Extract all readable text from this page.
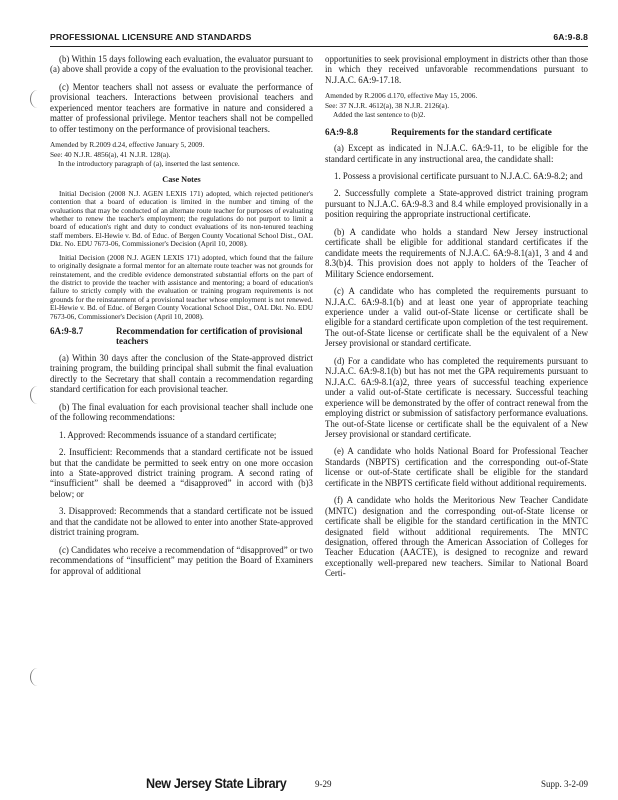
PROFESSIONAL LICENSURE AND STANDARDS	6A:9-8.8

(b) Within 15 days following each evaluation, the evaluator pursuant to (a) above shall provide a copy of the evaluation to the provisional teacher.

(c) Mentor teachers shall not assess or evaluate the performance of provisional teachers. Interactions between provisional teachers and experienced mentor teachers are formative in nature and considered a matter of professional privilege. Mentor teachers shall not be compelled to offer testimony on the performance of provisional teachers.

Amended by R.2009 d.24, effective January 5, 2009.

See: 40 N.J.R. 4856(a), 41 N.J.R. 128(a).

In the introductory paragraph of (a), inserted the last sentence.

Case Notes

Initial Decision (2008 N.J. AGEN LEXIS 171) adopted, which rejected petitioner's contention that a board of education is limited in the number and timing of the evaluations that may be conducted of an alternate route teacher for purposes of evaluating whether to renew the teacher's employment; the regulations do not purport to limit a board of education's right and duty to conduct evaluations of its non-tenured teaching staff members. El-Hewie v. Bd. of Educ. of Bergen County Vocational School Dist., OAL Dkt. No. EDU 7673-06, Commissioner's Decision (April 10, 2008).

Initial Decision (2008 N.J. AGEN LEXIS 171) adopted, which found that the failure to originally designate a formal mentor for an alternate route teacher was not grounds for reinstatement, and the credible evidence demonstrated substantial efforts on the part of the district to provide the teacher with assistance and mentoring; a board of education's failure to strictly comply with the evaluation or training program requirements is not grounds for the reinstatement of a provisional teacher whose employment is not renewed. El-Hewie v. Bd. of Educ. of Bergen County Vocational School Dist., OAL Dkt. No. EDU 7673-06, Commissioner's Decision (April 10, 2008).

6A:9-8.7	Recommendation for certification of provisional teachers

(a) Within 30 days after the conclusion of the State-approved district training program, the building principal shall submit the final evaluation directly to the Secretary that shall contain a recommendation regarding standard certification for each provisional teacher.

(b) The final evaluation for each provisional teacher shall include one of the following recommendations:

1. Approved: Recommends issuance of a standard certificate;

2. Insufficient: Recommends that a standard certificate not be issued but that the candidate be permitted to seek entry on one more occasion into a State-approved district training program. A second rating of “insufficient” shall be deemed a “disapproved” in accord with (b)3 below; or

3. Disapproved: Recommends that a standard certificate not be issued and that the candidate not be allowed to enter into another State-approved district training program.

(c) Candidates who receive a recommendation of “disapproved” or two recommendations of “insufficient” may petition the Board of Examiners for approval of additional

opportunities to seek provisional employment in districts other than those in which they received unfavorable recommendations pursuant to N.J.A.C. 6A:9-17.18.

Amended by R.2006 d.170, effective May 15, 2006.

See: 37 N.J.R. 4612(a), 38 N.J.R. 2126(a).

Added the last sentence to (b)2.

6A:9-8.8	Requirements for the standard certificate

(a) Except as indicated in N.J.A.C. 6A:9-11, to be eligible for the standard certificate in any instructional area, the candidate shall:

1. Possess a provisional certificate pursuant to N.J.A.C. 6A:9-8.2; and

2. Successfully complete a State-approved district training program pursuant to N.J.A.C. 6A:9-8.3 and 8.4 while employed provisionally in a position requiring the appropriate instructional certificate.

(b) A candidate who holds a standard New Jersey instructional certificate shall be eligible for additional standard certificates if the candidate meets the requirements of N.J.A.C. 6A:9-8.1(a)1, 3 and 4 and 8.3(b)4. This provision does not apply to holders of the Teacher of Military Science endorsement.

(c) A candidate who has completed the requirements pursuant to N.J.A.C. 6A:9-8.1(b) and at least one year of appropriate teaching experience under a valid out-of-State license or certificate shall be eligible for a standard certificate upon completion of the test requirement. The out-of-State license or certificate shall be the equivalent of a New Jersey provisional or standard certificate.

(d) For a candidate who has completed the requirements pursuant to N.J.A.C. 6A:9-8.1(b) but has not met the GPA requirements pursuant to N.J.A.C. 6A:9-8.1(a)2, three years of successful teaching experience under a valid out-of-State certificate is necessary. Successful teaching experience will be demonstrated by the offer of contract renewal from the employing district or submission of satisfactory performance evaluations. The out-of-State license or certificate shall be the equivalent of a New Jersey provisional or standard certificate.

(e) A candidate who holds National Board for Professional Teacher Standards (NBPTS) certification and the corresponding out-of-State license or out-of-State certificate shall be eligible for the standard certificate in the NBPTS certificate field without additional requirements.

(f) A candidate who holds the Meritorious New Teacher Candidate (MNTC) designation and the corresponding out-of-State license or certificate shall be eligible for the standard certification in the MNTC designated field without additional requirements. The MNTC designation, offered through the American Association of Colleges for Teacher Education (AACTE), is designed to recognize and reward exceptionally well-prepared new teachers. Similar to National Board Certi-

New Jersey State Library	9-29	Supp. 3-2-09
